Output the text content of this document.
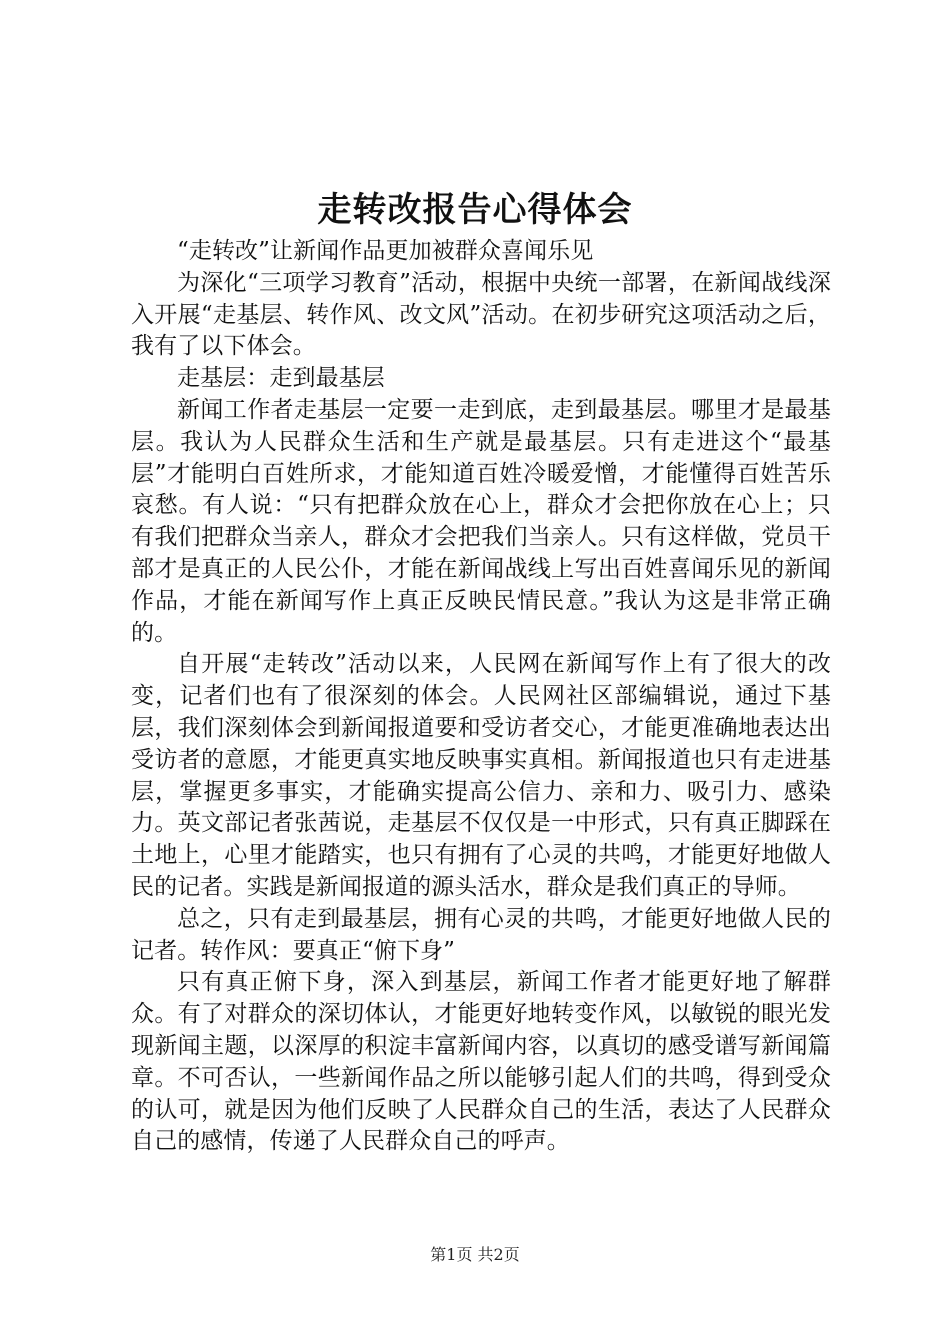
走转改报告心得体会

“走转改”让新闻作品更加被群众喜闻乐见

为深化“三项学习教育”活动，根据中央统一部署，在新闻战线深入开展“走基层、转作风、改文风”活动。在初步研究这项活动之后，我有了以下体会。

走基层：走到最基层

新闻工作者走基层一定要一走到底，走到最基层。哪里才是最基层。我认为人民群众生活和生产就是最基层。只有走进这个“最基层”才能明白百姓所求，才能知道百姓冷暖爱憎，才能懂得百姓苦乐哀愁。有人说：“只有把群众放在心上，群众才会把你放在心上；只有我们把群众当亲人，群众才会把我们当亲人。只有这样做，党员干部才是真正的人民公仆，才能在新闻战线上写出百姓喜闻乐见的新闻作品，才能在新闻写作上真正反映民情民意。”我认为这是非常正确的。

自开展“走转改”活动以来，人民网在新闻写作上有了很大的改变，记者们也有了很深刻的体会。人民网社区部编辑说，通过下基层，我们深刻体会到新闻报道要和受访者交心，才能更准确地表达出受访者的意愿，才能更真实地反映事实真相。新闻报道也只有走进基层，掌握更多事实，才能确实提高公信力、亲和力、吸引力、感染力。英文部记者张茜说，走基层不仅仅是一中形式，只有真正脚踩在土地上，心里才能踏实，也只有拥有了心灵的共鸣，才能更好地做人民的记者。实践是新闻报道的源头活水，群众是我们真正的导师。

总之，只有走到最基层，拥有心灵的共鸣，才能更好地做人民的记者。转作风：要真正“俯下身”

只有真正俯下身，深入到基层，新闻工作者才能更好地了解群众。有了对群众的深切体认，才能更好地转变作风，以敏锐的眼光发现新闻主题，以深厚的积淀丰富新闻内容，以真切的感受谱写新闻篇章。不可否认，一些新闻作品之所以能够引起人们的共鸣，得到受众的认可，就是因为他们反映了人民群众自己的生活，表达了人民群众自己的感情，传递了人民群众自己的呼声。

第1页 共2页
